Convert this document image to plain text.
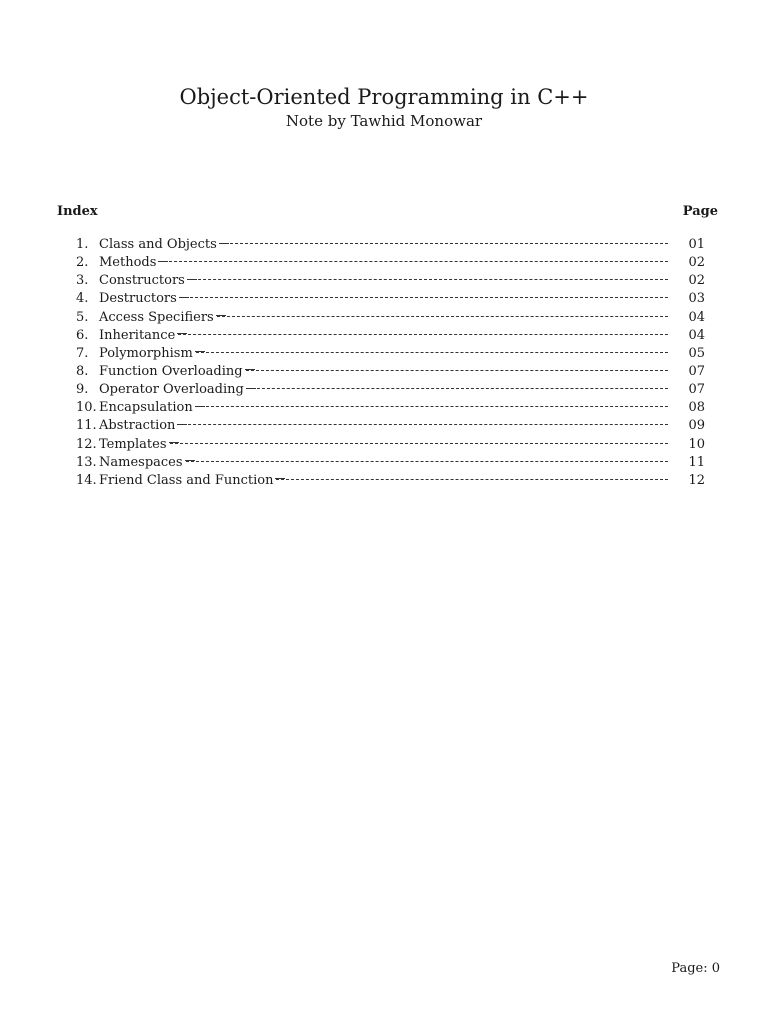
Object-Oriented Programming in C++

Note by Tawhid Monowar

Index	Page
1. Class and Objects	01
2. Methods	02
3. Constructors	02
4. Destructors	03
5. Access Specifiers	04
6. Inheritance	04
7. Polymorphism	05
8. Function Overloading	07
9. Operator Overloading	07
10. Encapsulation	08
11. Abstraction	09
12. Templates	10
13. Namespaces	11
14. Friend Class and Function	12
Page: 0
